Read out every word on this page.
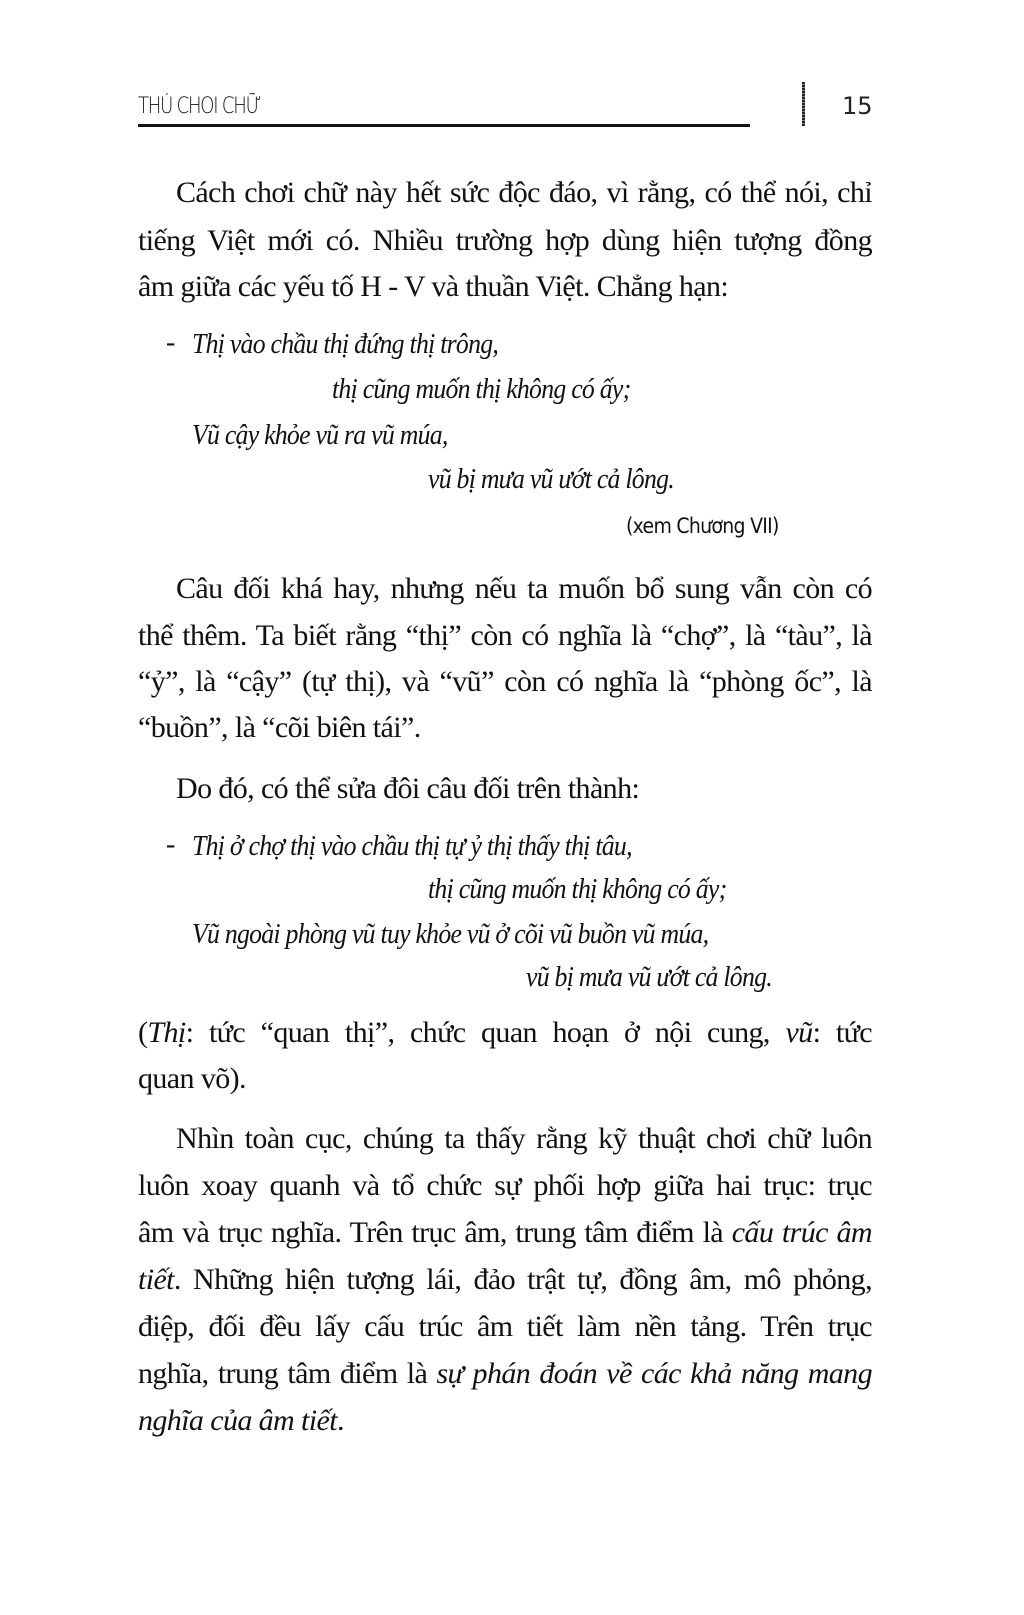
THÚ CHOI CHỮ	15
Cách chơi chữ này hết sức độc đáo, vì rằng, có thể nói, chỉ
tiếng Việt mới có. Nhiều trường hợp dùng hiện tượng đồng
âm giữa các yếu tố H - V và thuần Việt. Chẳng hạn:
- Thị vào chầu thị đứng thị trông,
thị cũng muốn thị không có ấy;
Vũ cậy khỏe vũ ra vũ múa,
vũ bị mưa vũ ướt cả lông.
(xem Chương VII)
Câu đối khá hay, nhưng nếu ta muốn bổ sung vẫn còn có
thể thêm. Ta biết rằng “thị” còn có nghĩa là “chợ”, là “tàu”, là
“ỷ”, là “cậy” (tự thị), và “vũ” còn có nghĩa là “phòng ốc”, là
“buồn”, là “cõi biên tái”.
Do đó, có thể sửa đôi câu đối trên thành:
- Thị ở chợ thị vào chầu thị tự ỷ thị thấy thị tâu,
thị cũng muốn thị không có ấy;
Vũ ngoài phòng vũ tuy khỏe vũ ở cõi vũ buồn vũ múa,
vũ bị mưa vũ ướt cả lông.
(Thị: tức “quan thị”, chức quan hoạn ở nội cung, vũ: tức
quan võ).
Nhìn toàn cục, chúng ta thấy rằng kỹ thuật chơi chữ luôn
luôn xoay quanh và tổ chức sự phối hợp giữa hai trục: trục
âm và trục nghĩa. Trên trục âm, trung tâm điểm là cấu trúc âm
tiết. Những hiện tượng lái, đảo trật tự, đồng âm, mô phỏng,
điệp, đối đều lấy cấu trúc âm tiết làm nền tảng. Trên trục
nghĩa, trung tâm điểm là sự phán đoán về các khả năng mang
nghĩa của âm tiết.
